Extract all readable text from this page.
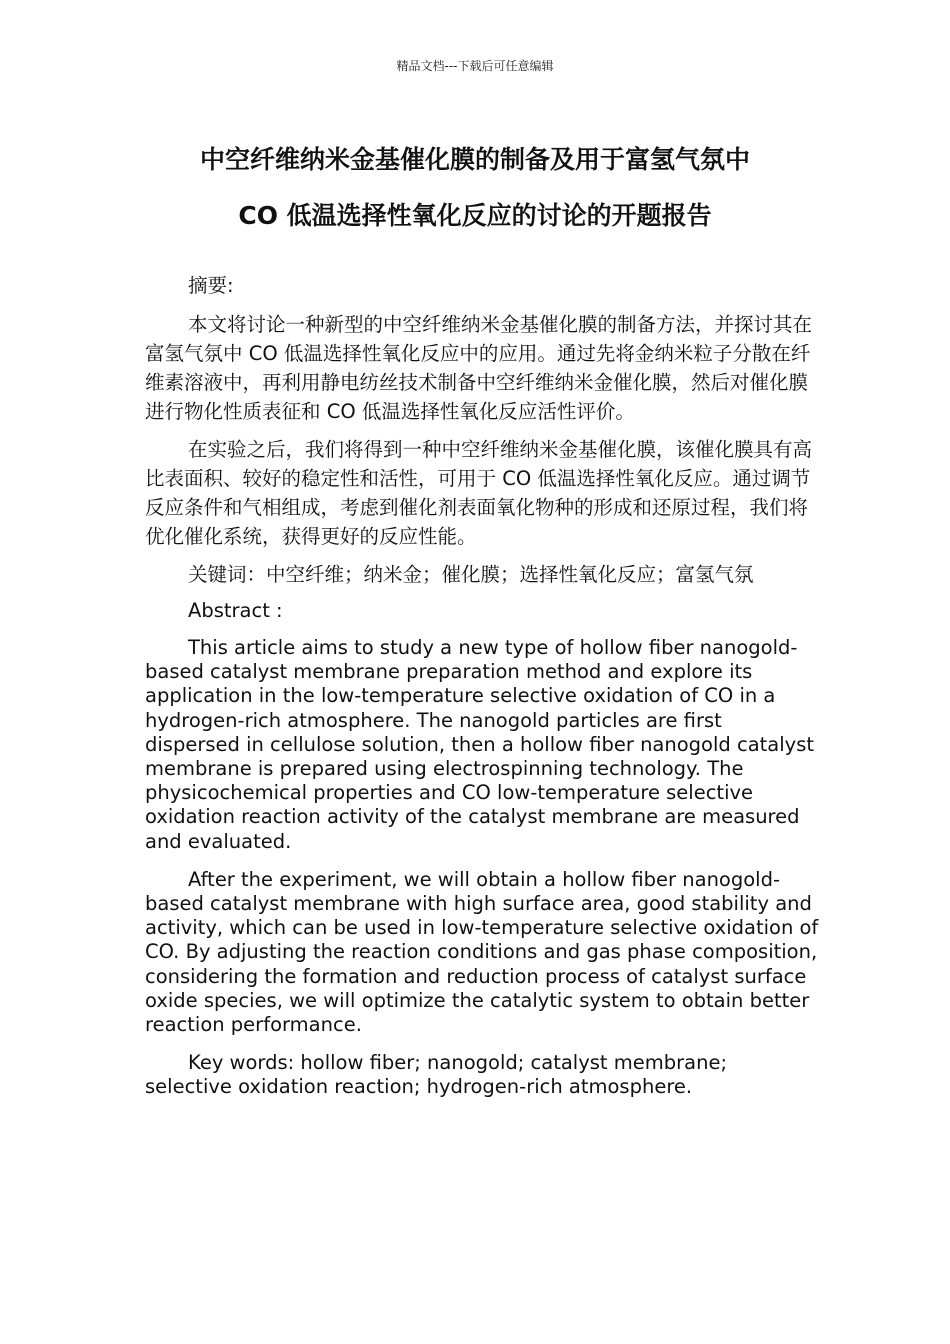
精品文档---下载后可任意编辑
中空纤维纳米金基催化膜的制备及用于富氢气氛中
CO 低温选择性氧化反应的讨论的开题报告

摘要:

本文将讨论一种新型的中空纤维纳米金基催化膜的制备方法，并探讨其在富氢气氛中 CO 低温选择性氧化反应中的应用。通过先将金纳米粒子分散在纤维素溶液中，再利用静电纺丝技术制备中空纤维纳米金催化膜，然后对催化膜进行物化性质表征和 CO 低温选择性氧化反应活性评价。

在实验之后，我们将得到一种中空纤维纳米金基催化膜，该催化膜具有高比表面积、较好的稳定性和活性，可用于 CO 低温选择性氧化反应。通过调节反应条件和气相组成，考虑到催化剂表面氧化物种的形成和还原过程，我们将优化催化系统，获得更好的反应性能。

关键词：中空纤维；纳米金；催化膜；选择性氧化反应；富氢气氛

Abstract :

This article aims to study a new type of hollow fiber nanogold-based catalyst membrane preparation method and explore its application in the low-temperature selective oxidation of CO in a hydrogen-rich atmosphere. The nanogold particles are first dispersed in cellulose solution, then a hollow fiber nanogold catalyst membrane is prepared using electrospinning technology. The physicochemical properties and CO low-temperature selective oxidation reaction activity of the catalyst membrane are measured and evaluated.

After the experiment, we will obtain a hollow fiber nanogold-based catalyst membrane with high surface area, good stability and activity, which can be used in low-temperature selective oxidation of CO. By adjusting the reaction conditions and gas phase composition, considering the formation and reduction process of catalyst surface oxide species, we will optimize the catalytic system to obtain better reaction performance.

Key words: hollow fiber; nanogold; catalyst membrane; selective oxidation reaction; hydrogen-rich atmosphere.
